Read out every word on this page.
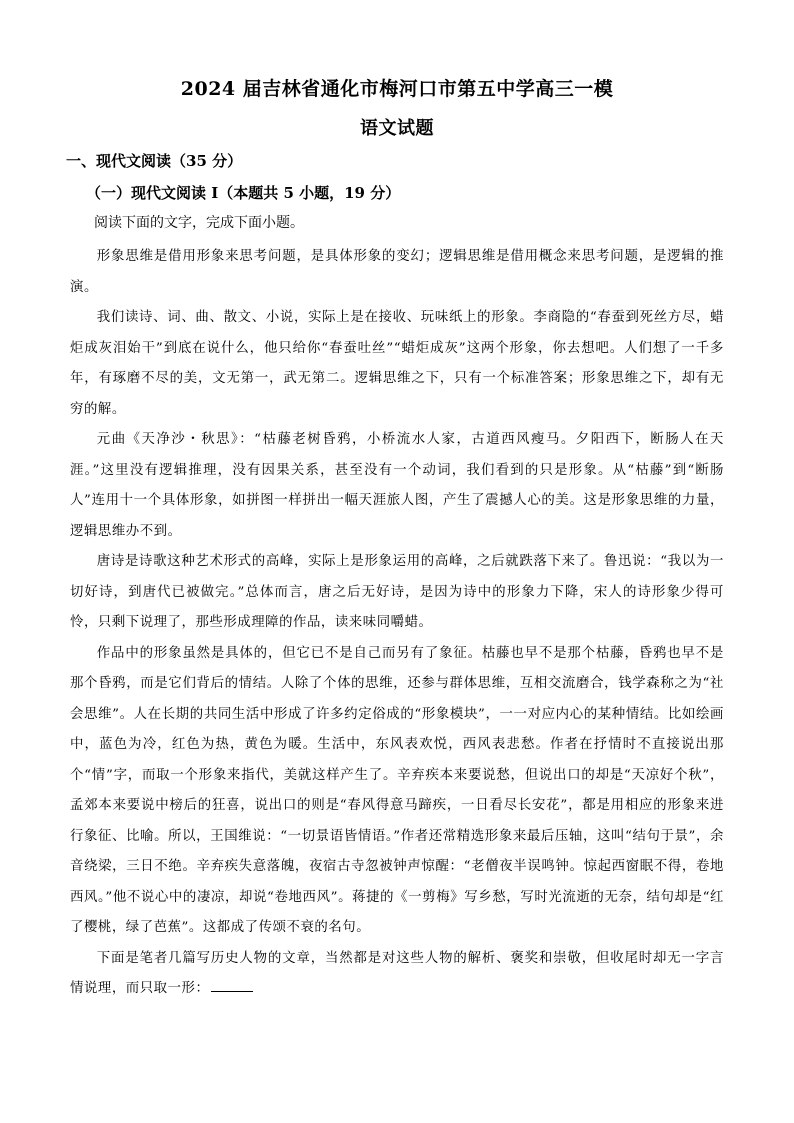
2024 届吉林省通化市梅河口市第五中学高三一模
语文试题
一、现代文阅读（35 分）
（一）现代文阅读 I（本题共 5 小题，19 分）
阅读下面的文字，完成下面小题。

形象思维是借用形象来思考问题，是具体形象的变幻；逻辑思维是借用概念来思考问题，是逻辑的推演。

我们读诗、词、曲、散文、小说，实际上是在接收、玩味纸上的形象。李商隐的“春蚕到死丝方尽，蜡炬成灰泪始干”到底在说什么，他只给你“春蚕吐丝”“蜡炬成灰”这两个形象，你去想吧。人们想了一千多年，有琢磨不尽的美，文无第一，武无第二。逻辑思维之下，只有一个标准答案；形象思维之下，却有无穷的解。

元曲《天净沙・秋思》：“枯藤老树昏鸦，小桥流水人家，古道西风瘦马。夕阳西下，断肠人在天涯。”这里没有逻辑推理，没有因果关系，甚至没有一个动词，我们看到的只是形象。从“枯藤”到“断肠人”连用十一个具体形象，如拼图一样拼出一幅天涯旅人图，产生了震撼人心的美。这是形象思维的力量，逻辑思维办不到。

唐诗是诗歌这种艺术形式的高峰，实际上是形象运用的高峰，之后就跌落下来了。鲁迅说：“我以为一切好诗，到唐代已被做完。”总体而言，唐之后无好诗，是因为诗中的形象力下降，宋人的诗形象少得可怜，只剩下说理了，那些形成理障的作品，读来味同嚼蜡。

作品中的形象虽然是具体的，但它已不是自己而另有了象征。枯藤也早不是那个枯藤，昏鸦也早不是那个昏鸦，而是它们背后的情结。人除了个体的思维，还参与群体思维，互相交流磨合，钱学森称之为“社会思维”。人在长期的共同生活中形成了许多约定俗成的“形象模块”，一一对应内心的某种情结。比如绘画中，蓝色为冷，红色为热，黄色为暖。生活中，东风表欢悦，西风表悲愁。作者在抒情时不直接说出那个“情”字，而取一个形象来指代，美就这样产生了。辛弃疾本来要说愁，但说出口的却是“天凉好个秋”，孟郊本来要说中榜后的狂喜，说出口的则是“春风得意马蹄疾，一日看尽长安花”，都是用相应的形象来进行象征、比喻。所以，王国维说：“一切景语皆情语。”作者还常精选形象来最后压轴，这叫“结句于景”，余音绕梁，三日不绝。辛弃疾失意落魄，夜宿古寺忽被钟声惊醒：“老僧夜半误鸣钟。惊起西窗眠不得，卷地西风。”他不说心中的凄凉，却说“卷地西风”。蒋捷的《一剪梅》写乡愁，写时光流逝的无奈，结句却是“红了樱桃，绿了芭蕉”。这都成了传颂不衰的名句。

下面是笔者几篇写历史人物的文章，当然都是对这些人物的解析、褒奖和崇敬，但收尾时却无一字言情说理，而只取一形：
